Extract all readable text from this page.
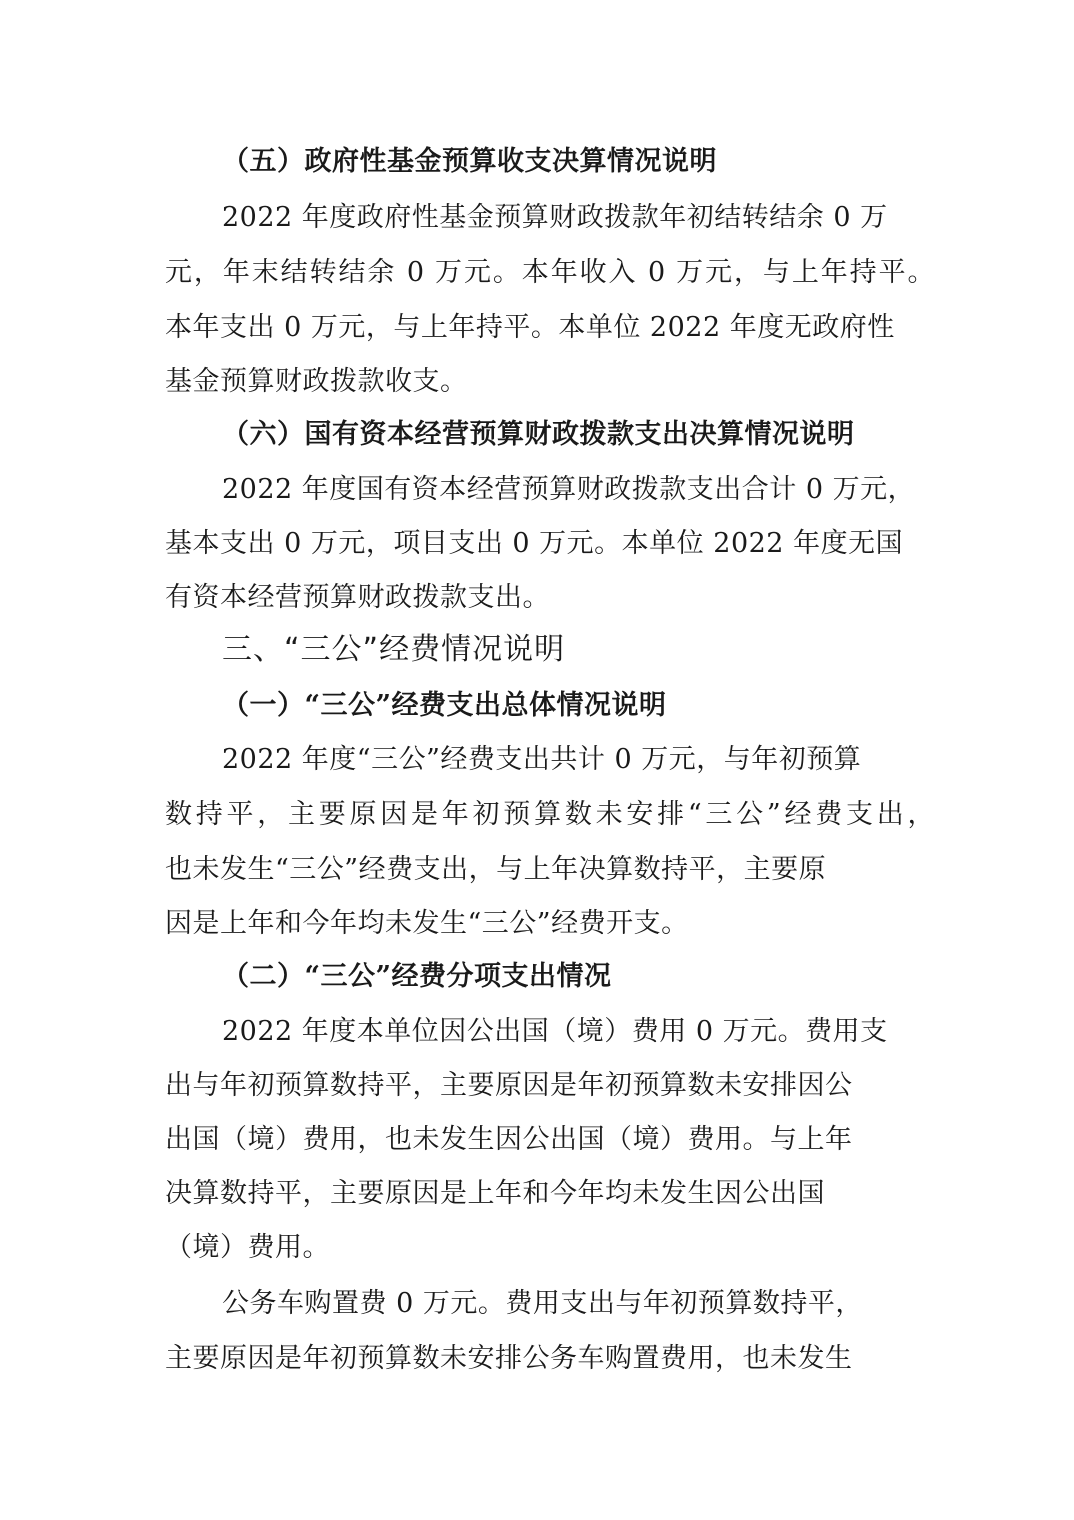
（五）政府性基金预算收支决算情况说明
2022 年度政府性基金预算财政拨款年初结转结余 0 万
元，年末结转结余 0 万元。本年收入 0 万元，与上年持平。
本年支出 0 万元，与上年持平。本单位 2022 年度无政府性
基金预算财政拨款收支。
（六）国有资本经营预算财政拨款支出决算情况说明
2022 年度国有资本经营预算财政拨款支出合计 0 万元，
基本支出 0 万元，项目支出 0 万元。本单位 2022 年度无国
有资本经营预算财政拨款支出。
三、“三公”经费情况说明
（一）“三公”经费支出总体情况说明
2022 年度“三公”经费支出共计 0 万元，与年初预算
数持平，主要原因是年初预算数未安排“三公”经费支出，
也未发生“三公”经费支出，与上年决算数持平，主要原
因是上年和今年均未发生“三公”经费开支。
（二）“三公”经费分项支出情况
2022 年度本单位因公出国（境）费用 0 万元。费用支
出与年初预算数持平，主要原因是年初预算数未安排因公
出国（境）费用，也未发生因公出国（境）费用。与上年
决算数持平，主要原因是上年和今年均未发生因公出国
（境）费用。
公务车购置费 0 万元。费用支出与年初预算数持平，
主要原因是年初预算数未安排公务车购置费用，也未发生
